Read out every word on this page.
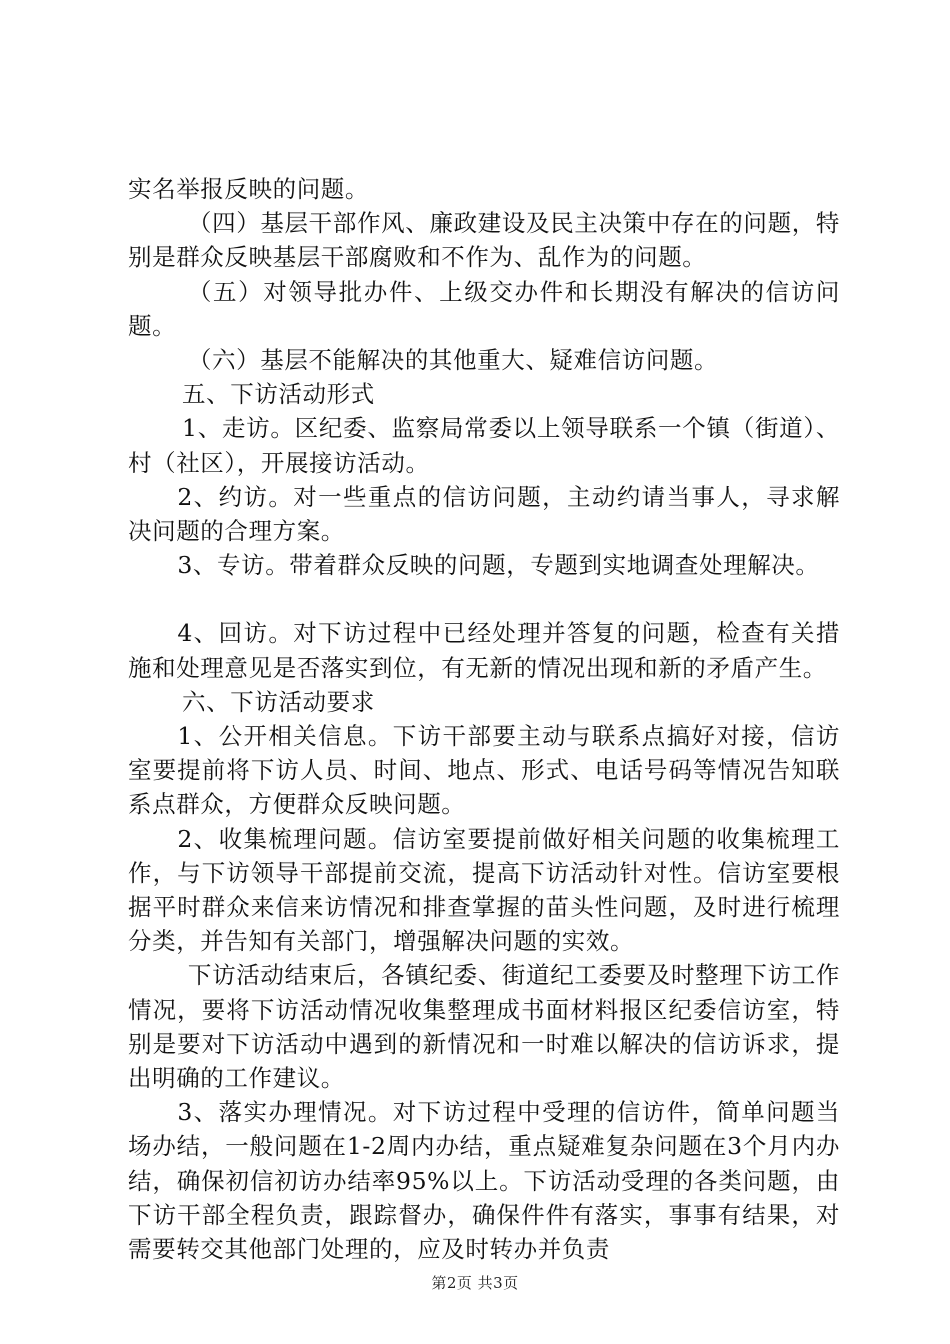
实名举报反映的问题。

（四）基层干部作风、廉政建设及民主决策中存在的问题，特别是群众反映基层干部腐败和不作为、乱作为的问题。

（五）对领导批办件、上级交办件和长期没有解决的信访问题。

（六）基层不能解决的其他重大、疑难信访问题。

五、下访活动形式

1、走访。区纪委、监察局常委以上领导联系一个镇（街道）、村（社区），开展接访活动。

2、约访。对一些重点的信访问题，主动约请当事人，寻求解决问题的合理方案。

3、专访。带着群众反映的问题，专题到实地调查处理解决。

4、回访。对下访过程中已经处理并答复的问题，检查有关措施和处理意见是否落实到位，有无新的情况出现和新的矛盾产生。

六、下访活动要求

1、公开相关信息。下访干部要主动与联系点搞好对接，信访室要提前将下访人员、时间、地点、形式、电话号码等情况告知联系点群众，方便群众反映问题。

2、收集梳理问题。信访室要提前做好相关问题的收集梳理工作，与下访领导干部提前交流，提高下访活动针对性。信访室要根据平时群众来信来访情况和排查掌握的苗头性问题，及时进行梳理分类，并告知有关部门，增强解决问题的实效。

下访活动结束后，各镇纪委、街道纪工委要及时整理下访工作情况，要将下访活动情况收集整理成书面材料报区纪委信访室，特别是要对下访活动中遇到的新情况和一时难以解决的信访诉求，提出明确的工作建议。

3、落实办理情况。对下访过程中受理的信访件，简单问题当场办结，一般问题在1-2周内办结，重点疑难复杂问题在3个月内办结，确保初信初访办结率95%以上。下访活动受理的各类问题，由下访干部全程负责，跟踪督办，确保件件有落实，事事有结果，对需要转交其他部门处理的，应及时转办并负责

第2页 共3页
